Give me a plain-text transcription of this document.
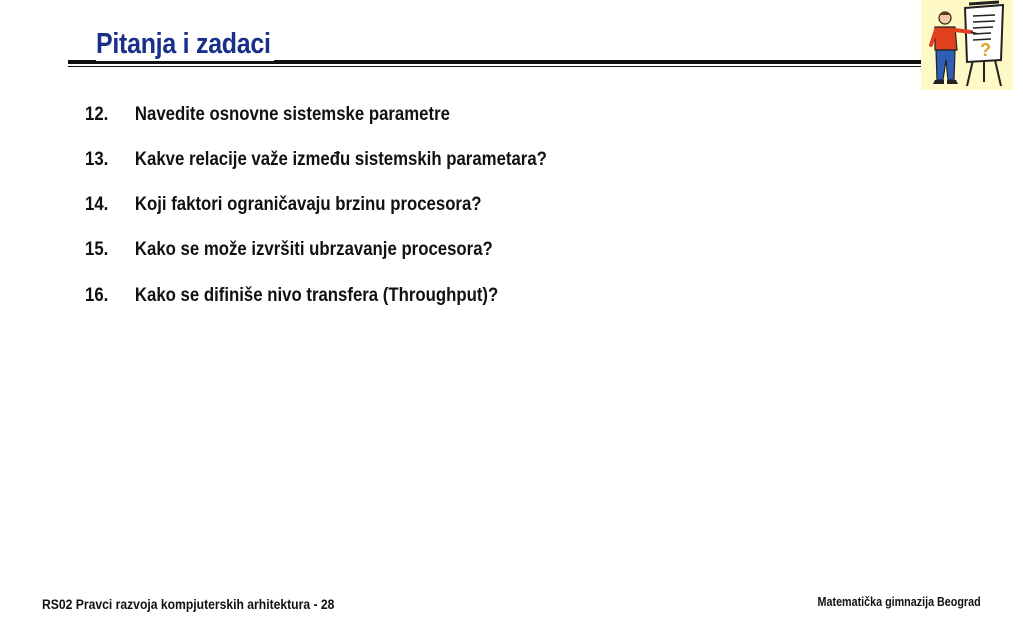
Pitanja i zadaci	?
12. Navedite osnovne sistemske parametre
13. Kakve relacije važe između sistemskih parametara?
14. Koji faktori ograničavaju brzinu procesora?
15. Kako se može izvršiti ubrzavanje procesora?
16. Kako se difiniše nivo transfera (Throughput)?
RS02 Pravci razvoja kompjuterskih arhitektura - 28	Matematička gimnazija Beograd
